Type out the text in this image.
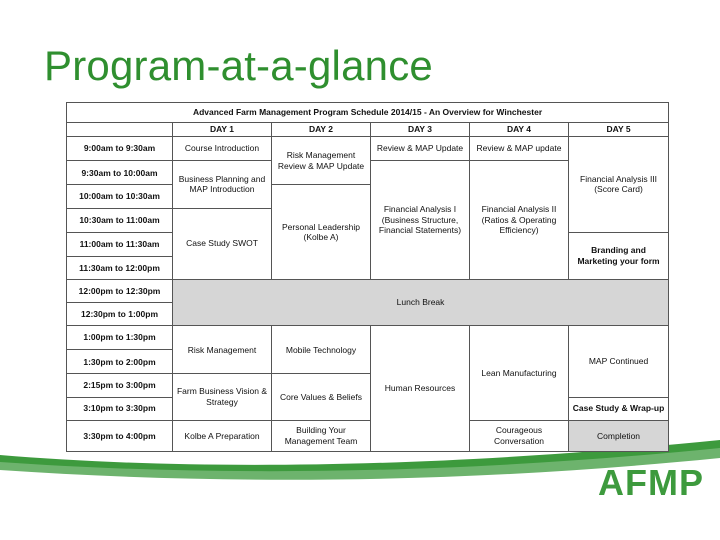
Program-at-a-glance
AFMP
Advanced Farm Management Program Schedule 2014/15 - An Overview for Winchester					
	DAY 1	DAY 2	DAY 3	DAY 4	DAY 5
9:00am to 9:30am	Course Introduction	Risk Management Review & MAP Update	Review & MAP Update	Review & MAP update	Financial Analysis III (Score Card)
9:30am to 10:00am	Business Planning and MAP Introduction		Financial Analysis I (Business Structure, Financial Statements)	Financial Analysis II (Ratios & Operating Efficiency)	
10:00am to 10:30am		Personal Leadership (Kolbe A)			
10:30am to 11:00am	Case Study SWOT				
11:00am to 11:30am					Branding and Marketing your form
11:30am to 12:00pm					
12:00pm to 12:30pm	Lunch Break				
12:30pm to 1:00pm					
1:00pm to 1:30pm	Risk Management	Mobile Technology	Human Resources	Lean Manufacturing	MAP Continued
1:30pm to 2:00pm					
2:15pm to 3:00pm	Farm Business Vision & Strategy	Core Values & Beliefs			
3:10pm to 3:30pm					Case Study & Wrap-up
3:30pm to 4:00pm	Kolbe A Preparation	Building Your Management Team		Courageous Conversation	Completion
